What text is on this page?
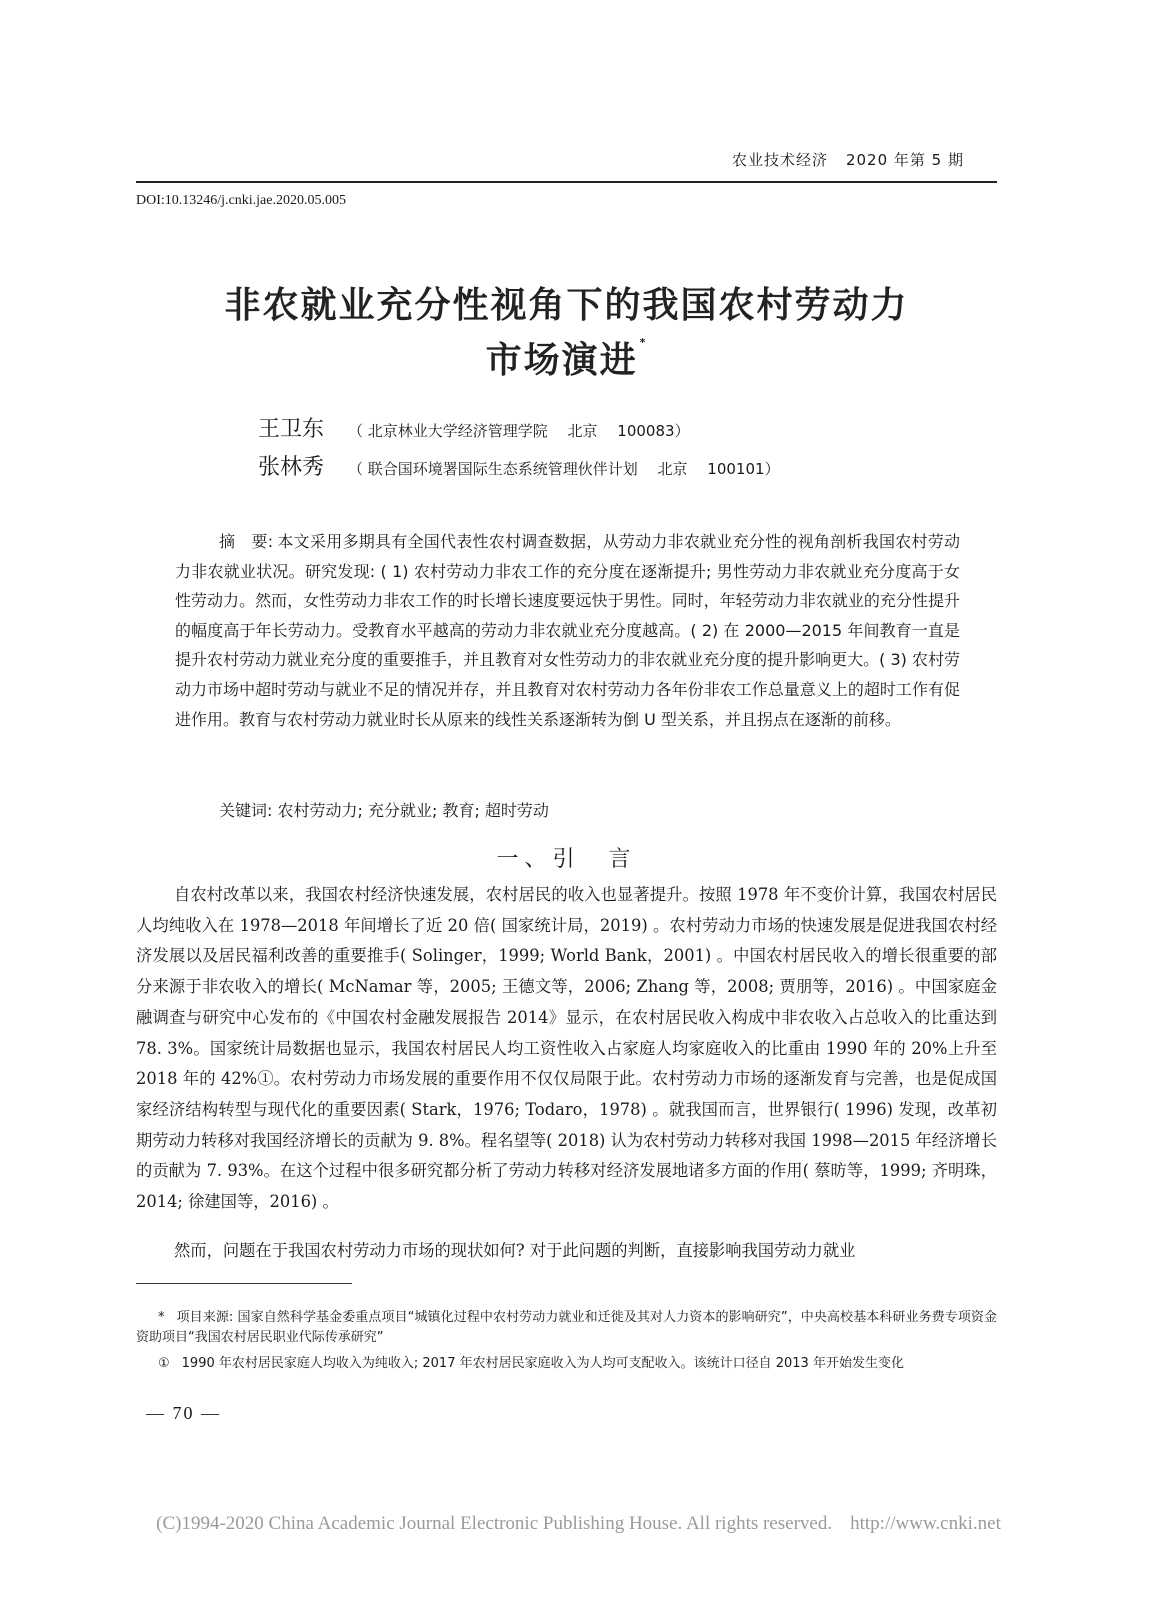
农业技术经济 2020 年第 5 期
DOI:10.13246/j.cnki.jae.2020.05.005
非农就业充分性视角下的我国农村劳动力
市场演进 *
王卫东 （ 北京林业大学经济管理学院　 北京　 100083）
张林秀 （ 联合国环境署国际生态系统管理伙伴计划　 北京　 100101）
摘　要: 本文采用多期具有全国代表性农村调查数据，从劳动力非农就业充分性的视角剖析我国农村劳动力非农就业状况。研究发现: ( 1) 农村劳动力非农工作的充分度在逐渐提升; 男性劳动力非农就业充分度高于女性劳动力。然而，女性劳动力非农工作的时长增长速度要远快于男性。同时，年轻劳动力非农就业的充分性提升的幅度高于年长劳动力。受教育水平越高的劳动力非农就业充分度越高。( 2) 在 2000—2015 年间教育一直是提升农村劳动力就业充分度的重要推手，并且教育对女性劳动力的非农就业充分度的提升影响更大。( 3) 农村劳动力市场中超时劳动与就业不足的情况并存，并且教育对农村劳动力各年份非农工作总量意义上的超时工作有促进作用。教育与农村劳动力就业时长从原来的线性关系逐渐转为倒 U 型关系，并且拐点在逐渐的前移。
关键词: 农村劳动力; 充分就业; 教育; 超时劳动
一、引　言
自农村改革以来，我国农村经济快速发展，农村居民的收入也显著提升。按照 1978 年不变价计算，我国农村居民人均纯收入在 1978—2018 年间增长了近 20 倍( 国家统计局，2019) 。农村劳动力市场的快速发展是促进我国农村经济发展以及居民福利改善的重要推手( Solinger，1999; World Bank，2001) 。中国农村居民收入的增长很重要的部分来源于非农收入的增长( McNamar 等，2005; 王德文等，2006; Zhang 等，2008; 贾朋等，2016) 。中国家庭金融调查与研究中心发布的《中国农村金融发展报告 2014》显示，在农村居民收入构成中非农收入占总收入的比重达到 78. 3%。国家统计局数据也显示，我国农村居民人均工资性收入占家庭人均家庭收入的比重由 1990 年的 20%上升至 2018 年的 42%①。农村劳动力市场发展的重要作用不仅仅局限于此。农村劳动力市场的逐渐发育与完善，也是促成国家经济结构转型与现代化的重要因素( Stark，1976; Todaro，1978) 。就我国而言，世界银行( 1996) 发现，改革初期劳动力转移对我国经济增长的贡献为 9. 8%。程名望等( 2018) 认为农村劳动力转移对我国 1998—2015 年经济增长的贡献为 7. 93%。在这个过程中很多研究都分析了劳动力转移对经济发展地诸多方面的作用( 蔡昉等，1999; 齐明珠，2014; 徐建国等，2016) 。
然而，问题在于我国农村劳动力市场的现状如何? 对于此问题的判断，直接影响我国劳动力就业
* 项目来源: 国家自然科学基金委重点项目“城镇化过程中农村劳动力就业和迁徙及其对人力资本的影响研究”，中央高校基本科研业务费专项资金资助项目“我国农村居民职业代际传承研究”
① 1990 年农村居民家庭人均收入为纯收入; 2017 年农村居民家庭收入为人均可支配收入。该统计口径自 2013 年开始发生变化
— 70 —
(C)1994-2020 China Academic Journal Electronic Publishing House. All rights reserved. http://www.cnki.net
